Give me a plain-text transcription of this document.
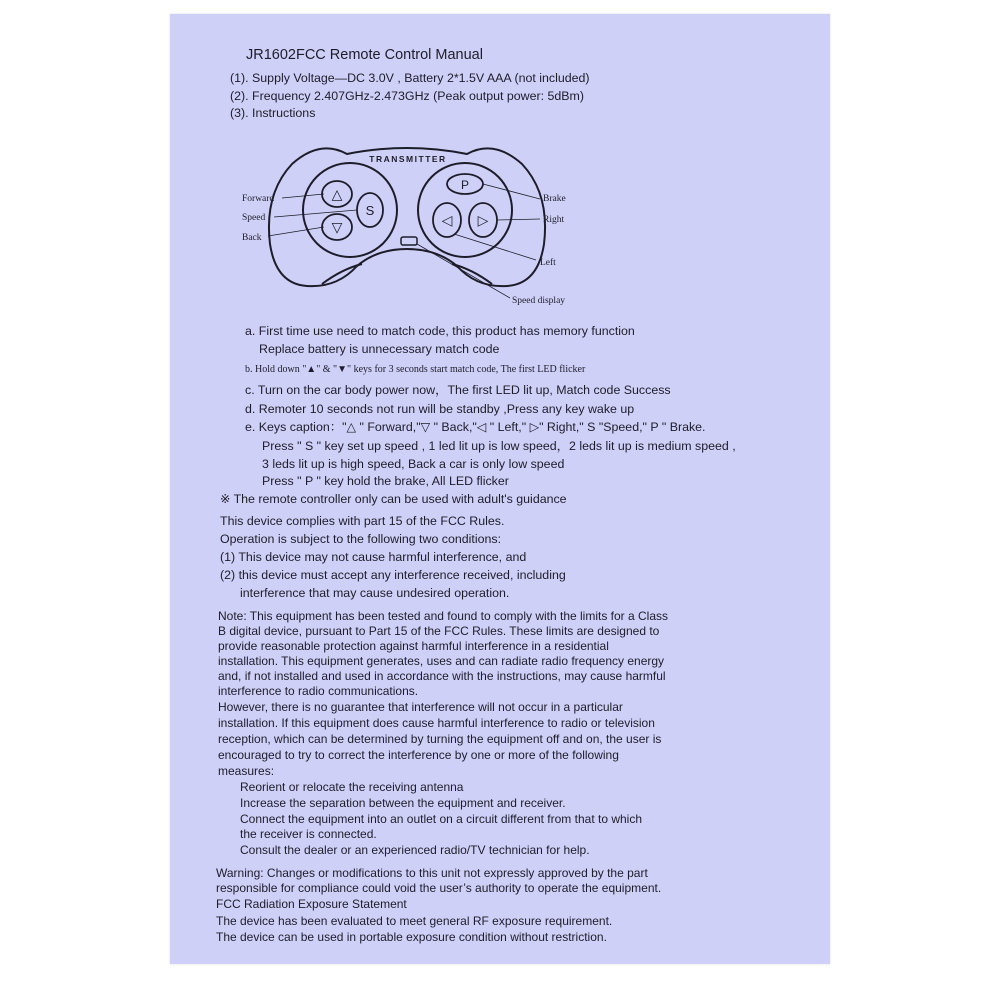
JR1602FCC Remote Control Manual
(1). Supply Voltage—DC 3.0V , Battery 2*1.5V AAA (not included)
(2). Frequency 2.407GHz-2.473GHz (Peak output power: 5dBm)
(3). Instructions
△
▽
S
P
◁ ▷
TRANSMITTER
Forward
Speed
Back
Brake
Right
Left
Speed display
a. First time use need to match code, this product has memory function
Replace battery is unnecessary match code
b. Hold down "▲" & "▼" keys for 3 seconds start match code, The first LED flicker
c. Turn on the car body power now，The first LED lit up, Match code Success
d. Remoter 10 seconds not run will be standby ,Press any key wake up
e. Keys caption："△ " Forward,"▽ " Back,"◁ " Left," ▷" Right," S "Speed," P " Brake.
Press " S " key set up speed , 1 led lit up is low speed，2 leds lit up is medium speed ,
3 leds lit up is high speed, Back a car is only low speed
Press " P " key hold the brake, All LED flicker
※ The remote controller only can be used with adult's guidance
This device complies with part 15 of the FCC Rules.
Operation is subject to the following two conditions:
(1) This device may not cause harmful interference, and
(2) this device must accept any interference received, including
interference that may cause undesired operation.
Note: This equipment has been tested and found to comply with the limits for a Class
B digital device, pursuant to Part 15 of the FCC Rules. These limits are designed to
provide reasonable protection against harmful interference in a residential
installation. This equipment generates, uses and can radiate radio frequency energy
and, if not installed and used in accordance with the instructions, may cause harmful
interference to radio communications.
However, there is no guarantee that interference will not occur in a particular
installation. If this equipment does cause harmful interference to radio or television
reception, which can be determined by turning the equipment off and on, the user is
encouraged to try to correct the interference by one or more of the following
measures:
Reorient or relocate the receiving antenna
Increase the separation between the equipment and receiver.
Connect the equipment into an outlet on a circuit different from that to which
the receiver is connected.
Consult the dealer or an experienced radio/TV technician for help.
Warning: Changes or modifications to this unit not expressly approved by the part
responsible for compliance could void the user’s authority to operate the equipment.
FCC Radiation Exposure Statement
The device has been evaluated to meet general RF exposure requirement.
The device can be used in portable exposure condition without restriction.
